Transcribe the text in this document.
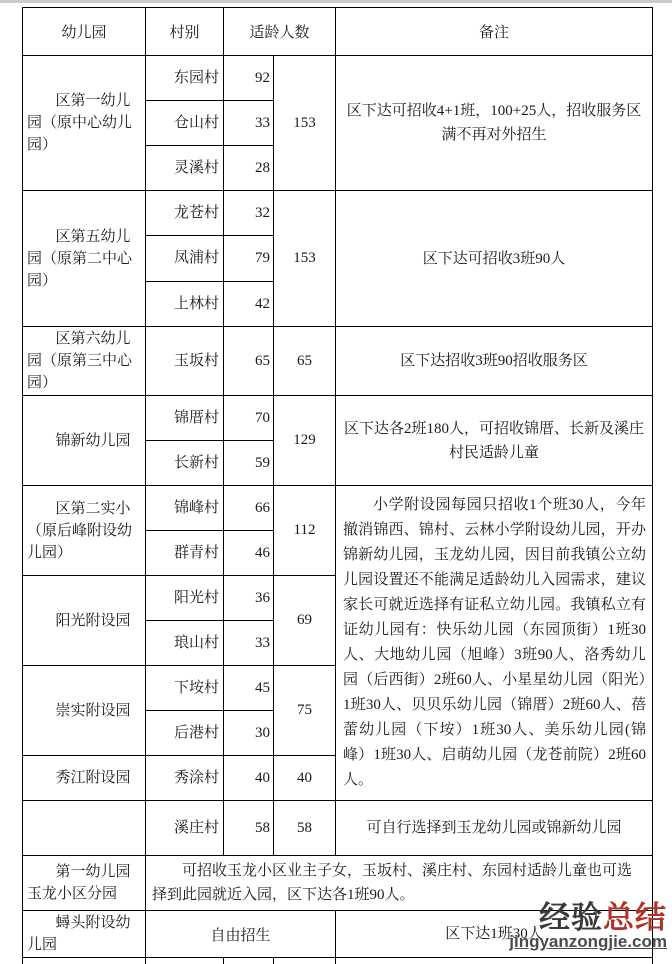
幼儿园	村别	适龄人数		备注
区第一幼儿园（原中心幼儿园）	东园村	92	153	区下达可招收4+1班，100+25人，招收服务区满不再对外招生
	仓山村	33		
	灵溪村	28		
区第五幼儿园（原第二中心园）	龙苍村	32	153	区下达可招收3班90人
	凤浦村	79		
	上林村	42		
区第六幼儿园（原第三中心园）	玉坂村	65	65	区下达招收3班90招收服务区
锦新幼儿园	锦厝村	70	129	区下达各2班180人，可招收锦厝、长新及溪庄村民适龄儿童
	长新村	59		
区第二实小（原后峰附设幼儿园）	锦峰村	66	112	小学附设园每园只招收1个班30人，今年撤消锦西、锦村、云林小学附设幼儿园，开办锦新幼儿园，玉龙幼儿园，因目前我镇公立幼儿园设置还不能满足适龄幼儿入园需求，建议家长可就近选择有证私立幼儿园。我镇私立有证幼儿园有：快乐幼儿园（东园顶街）1班30人、大地幼儿园（旭峰）3班90人、洛秀幼儿园（后西街）2班60人、小星星幼儿园（阳光）1班30人、贝贝乐幼儿园（锦厝）2班60人、蓓蕾幼儿园（下垵）1班30人、美乐幼儿园(锦峰）1班30人、启萌幼儿园（龙苍前院）2班60人。
	群青村	46		
阳光附设园	阳光村	36	69	
	琅山村	33		
崇实附设园	下垵村	45	75	
	后港村	30		
秀江附设园	秀涂村	40	40	
	溪庄村	58	58	可自行选择到玉龙幼儿园或锦新幼儿园
第一幼儿园玉龙小区分园	可招收玉龙小区业主子女，玉坂村、溪庄村、东园村适龄儿童也可选择到此园就近入园，区下达各1班90人。			
蟳头附设幼儿园	自由招生			区下达1班30人

经验总结
jingyanzongjie.com
